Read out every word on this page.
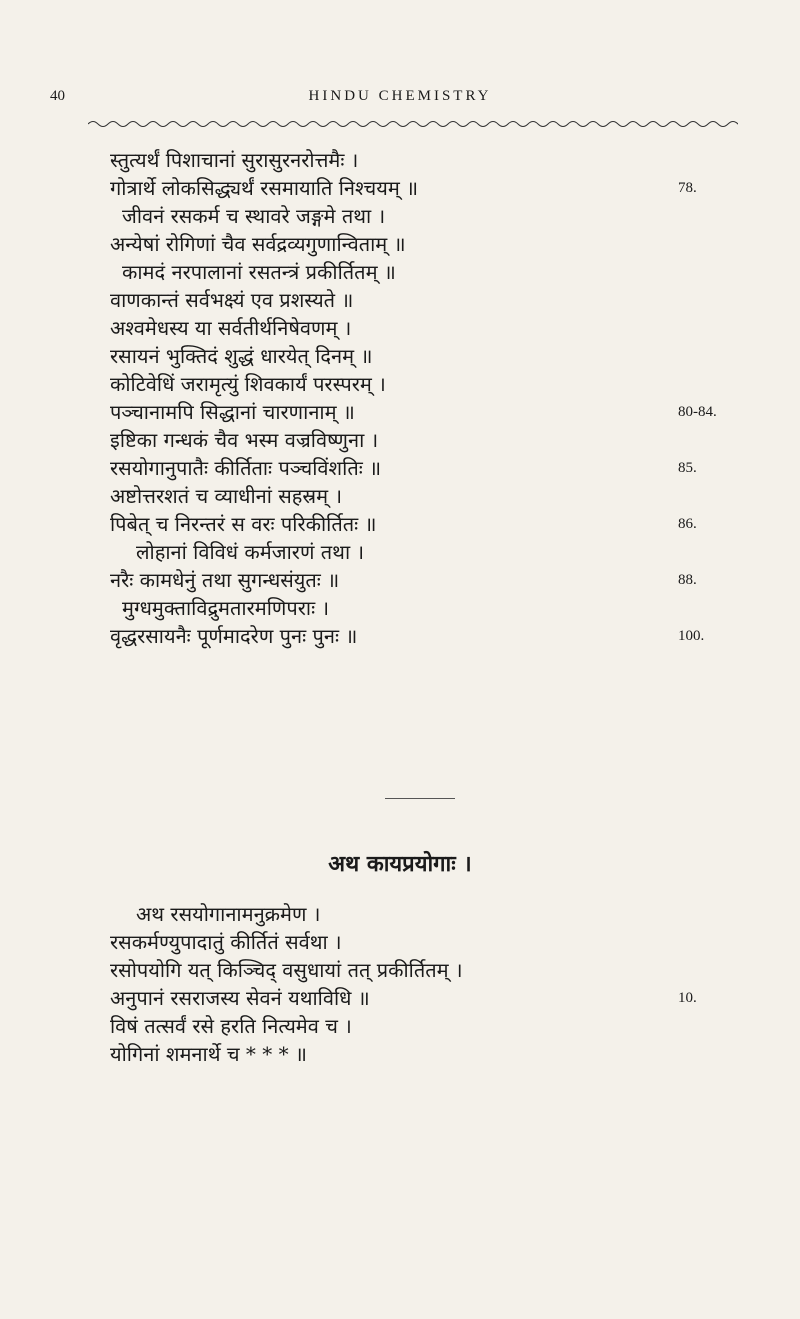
40	HINDU CHEMISTRY
स्तुत्यर्थं पिशाचानां सुरासुरनरोत्तमैः ।
गोत्रार्थे लोकसिद्ध्यर्थं रसमायाति निश्चयम् ॥	78.
जीवनं रसकर्म च स्थावरे जङ्गमे तथा ।
अन्येषां रोगिणां चैव सर्वद्रव्यगुणान्विताम् ॥
कामदं नरपालानां रसतन्त्रं प्रकीर्तितम् ॥
वाणकान्तं सर्वभक्ष्यं एव प्रशस्यते ॥
अश्वमेधस्य या सर्वतीर्थनिषेवणम् ।
रसायनं भुक्तिदं शुद्धं धारयेत् दिनम् ॥
कोटिवेधिं जरामृत्युं शिवकार्यं परस्परम् ।
पञ्चानामपि सिद्धानां चारणानाम् ॥	80-84.
इष्टिका गन्धकं चैव भस्म वज्रविष्णुना ।
रसयोगानुपातैः कीर्तिताः पञ्चविंशतिः ॥	85.
अष्टोत्तरशतं च व्याधीनां सहस्रम् ।
पिबेत् च निरन्तरं स वरः परिकीर्तितः ॥	86.
लोहानां विविधं कर्मजारणं तथा ।
नरैः कामधेनुं तथा सुगन्धसंयुतः ॥	88.
मुग्धमुक्ताविद्रुमतारमणिपराः ।
वृद्धरसायनैः पूर्णमादरेण पुनः पुनः ॥	100.
अथ कायप्रयोगाः ।
अथ रसयोगानामनुक्रमेण ।
रसकर्मण्युपादातुं कीर्तितं सर्वथा ।
रसोपयोगि यत् किञ्चिद् वसुधायां तत् प्रकीर्तितम् ।
अनुपानं रसराजस्य सेवनं यथाविधि ॥	10.
विषं तत्सर्वं रसे हरति नित्यमेव च ।
योगिनां शमनार्थे च * * * ॥
